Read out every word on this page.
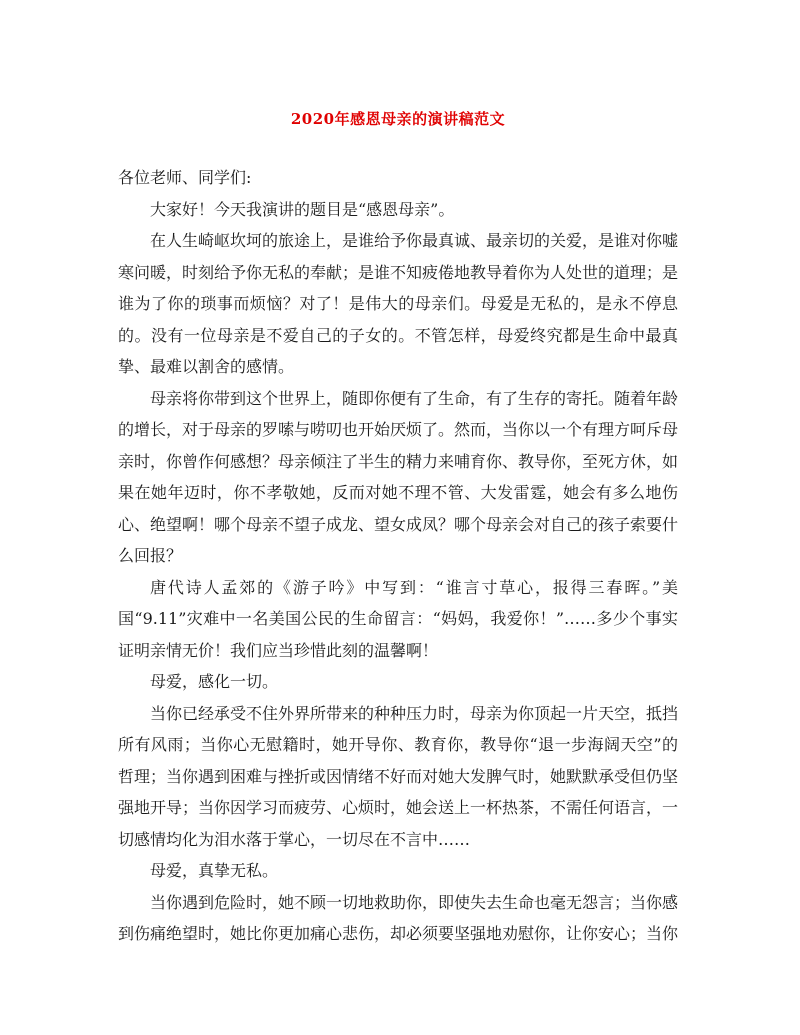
2020年感恩母亲的演讲稿范文

各位老师、同学们:

大家好！今天我演讲的题目是“感恩母亲”。

在人生崎岖坎坷的旅途上，是谁给予你最真诚、最亲切的关爱，是谁对你嘘寒问暖，时刻给予你无私的奉献；是谁不知疲倦地教导着你为人处世的道理；是谁为了你的琐事而烦恼？对了！是伟大的母亲们。母爱是无私的，是永不停息的。没有一位母亲是不爱自己的子女的。不管怎样，母爱终究都是生命中最真挚、最难以割舍的感情。

母亲将你带到这个世界上，随即你便有了生命，有了生存的寄托。随着年龄的增长，对于母亲的罗嗦与唠叨也开始厌烦了。然而，当你以一个有理方呵斥母亲时，你曾作何感想？母亲倾注了半生的精力来哺育你、教导你，至死方休，如果在她年迈时，你不孝敬她，反而对她不理不管、大发雷霆，她会有多么地伤心、绝望啊！哪个母亲不望子成龙、望女成凤？哪个母亲会对自己的孩子索要什么回报？

唐代诗人孟郊的《游子吟》中写到：“谁言寸草心，报得三春晖。”美国“9.11”灾难中一名美国公民的生命留言：“妈妈，我爱你！”……多少个事实证明亲情无价！我们应当珍惜此刻的温馨啊！

母爱，感化一切。

当你已经承受不住外界所带来的种种压力时，母亲为你顶起一片天空，抵挡所有风雨；当你心无慰籍时，她开导你、教育你，教导你“退一步海阔天空”的哲理；当你遇到困难与挫折或因情绪不好而对她大发脾气时，她默默承受但仍坚强地开导；当你因学习而疲劳、心烦时，她会送上一杯热茶，不需任何语言，一切感情均化为泪水落于掌心，一切尽在不言中……

母爱，真挚无私。

当你遇到危险时，她不顾一切地救助你，即使失去生命也毫无怨言；当你感到伤痛绝望时，她比你更加痛心悲伤，却必须要坚强地劝慰你，让你安心；当你
